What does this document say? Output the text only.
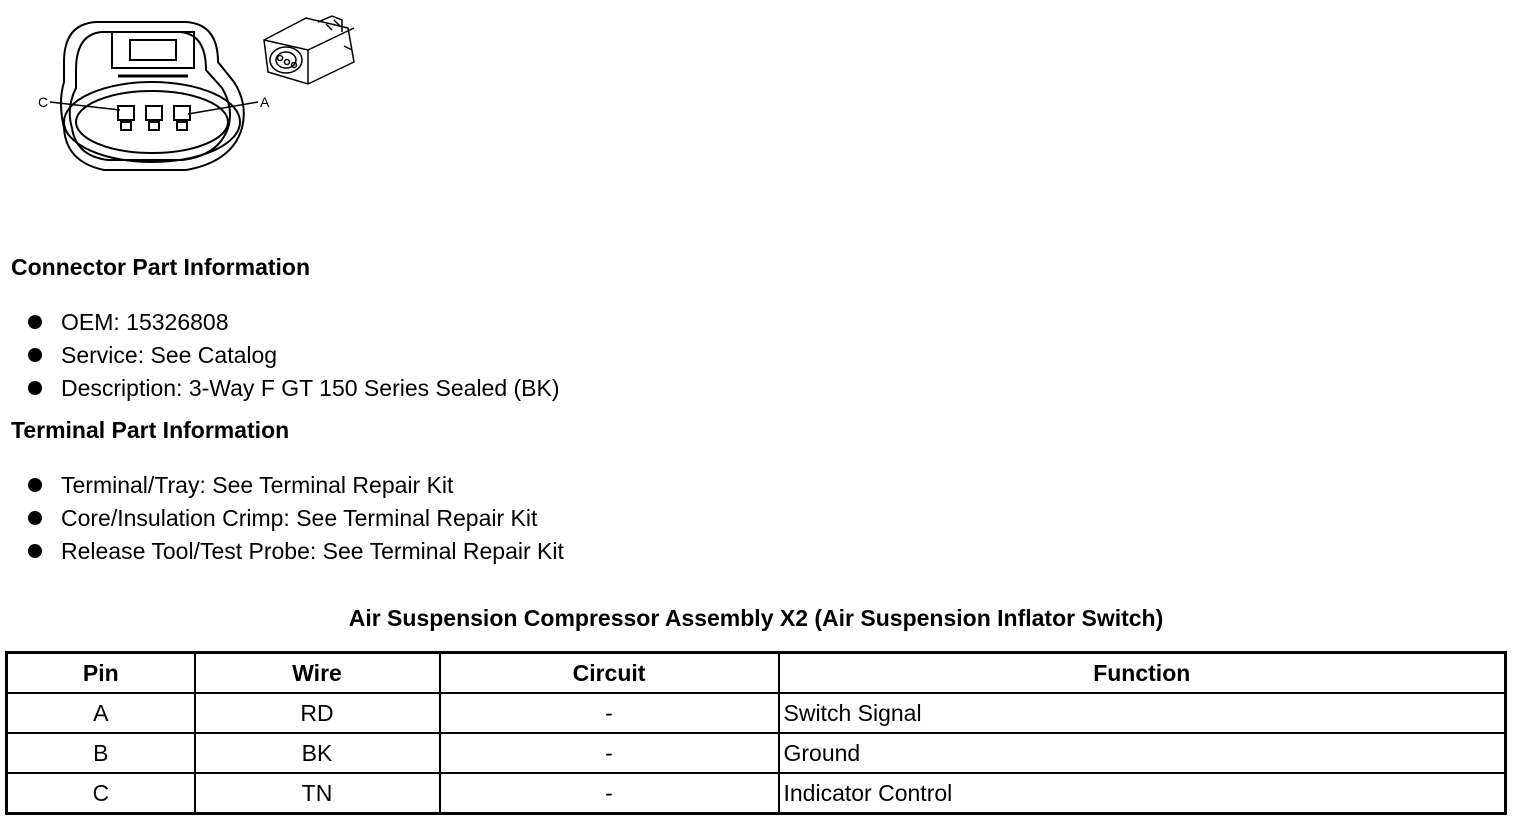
C	A
Connector Part Information
OEM: 15326808
Service: See Catalog
Description: 3-Way F GT 150 Series Sealed (BK)
Terminal Part Information
Terminal/Tray: See Terminal Repair Kit
Core/Insulation Crimp: See Terminal Repair Kit
Release Tool/Test Probe: See Terminal Repair Kit
Air Suspension Compressor Assembly X2 (Air Suspension Inflator Switch)
Pin	Wire	Circuit	Function
A	RD	-	Switch Signal
B	BK	-	Ground
C	TN	-	Indicator Control
